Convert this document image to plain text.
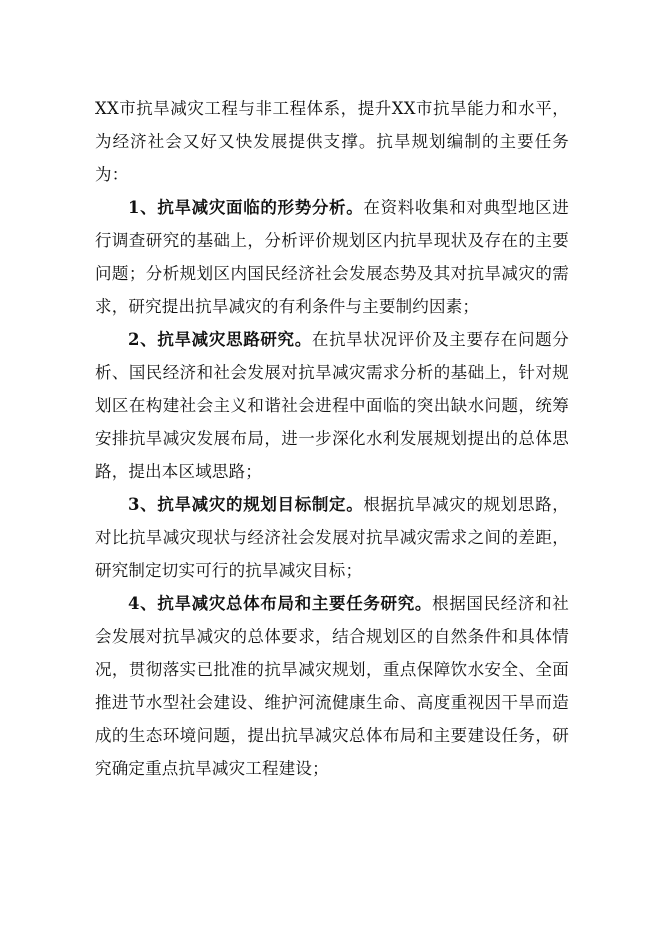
XX市抗旱减灾工程与非工程体系，提升XX市抗旱能力和水平，为经济社会又好又快发展提供支撑。抗旱规划编制的主要任务为：

1、抗旱减灾面临的形势分析。在资料收集和对典型地区进行调查研究的基础上，分析评价规划区内抗旱现状及存在的主要问题；分析规划区内国民经济社会发展态势及其对抗旱减灾的需求，研究提出抗旱减灾的有利条件与主要制约因素；

2、抗旱减灾思路研究。在抗旱状况评价及主要存在问题分析、国民经济和社会发展对抗旱减灾需求分析的基础上，针对规划区在构建社会主义和谐社会进程中面临的突出缺水问题，统筹安排抗旱减灾发展布局，进一步深化水利发展规划提出的总体思路，提出本区域思路；

3、抗旱减灾的规划目标制定。根据抗旱减灾的规划思路，对比抗旱减灾现状与经济社会发展对抗旱减灾需求之间的差距，研究制定切实可行的抗旱减灾目标；

4、抗旱减灾总体布局和主要任务研究。根据国民经济和社会发展对抗旱减灾的总体要求，结合规划区的自然条件和具体情况，贯彻落实已批准的抗旱减灾规划，重点保障饮水安全、全面推进节水型社会建设、维护河流健康生命、高度重视因干旱而造成的生态环境问题，提出抗旱减灾总体布局和主要建设任务，研究确定重点抗旱减灾工程建设；
